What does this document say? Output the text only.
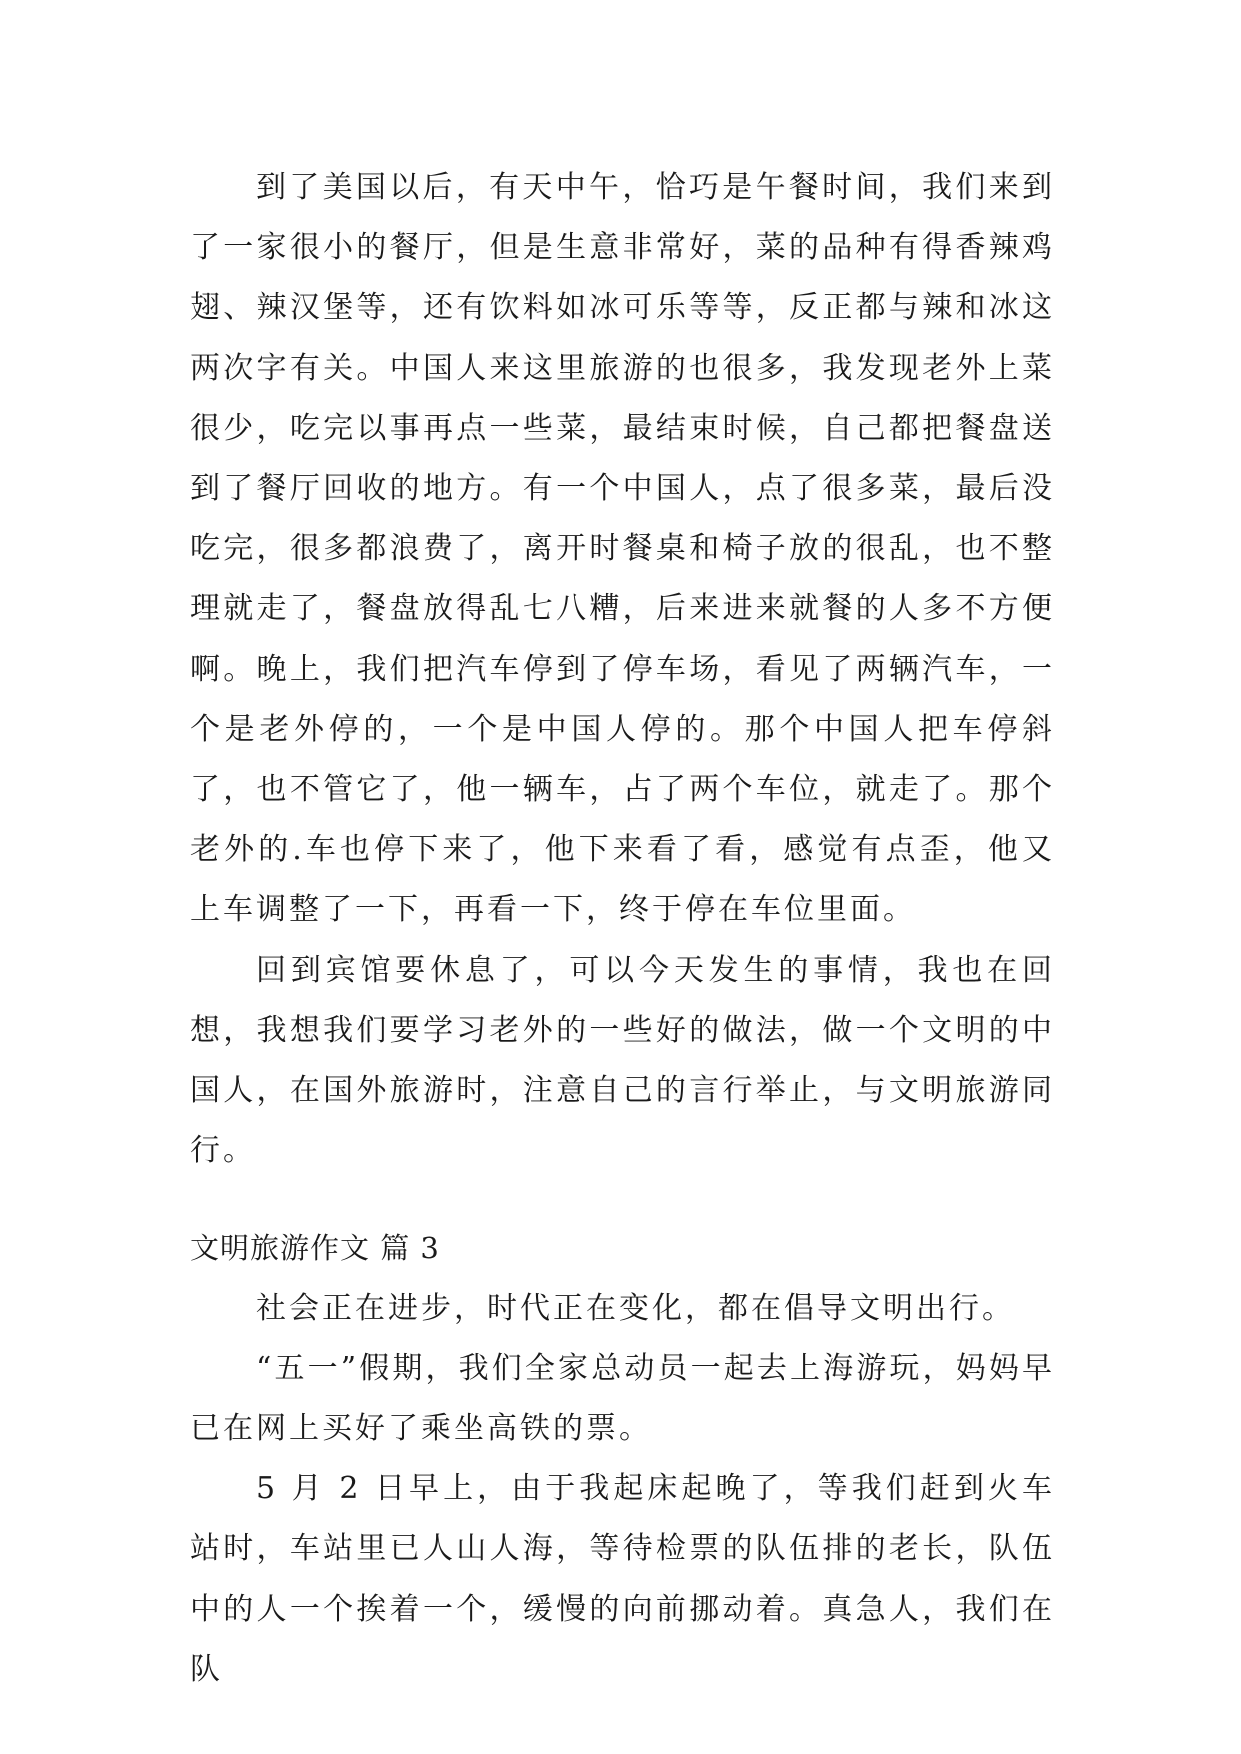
到了美国以后，有天中午，恰巧是午餐时间，我们来到了一家很小的餐厅，但是生意非常好，菜的品种有得香辣鸡翅、辣汉堡等，还有饮料如冰可乐等等，反正都与辣和冰这两次字有关。中国人来这里旅游的也很多，我发现老外上菜很少，吃完以事再点一些菜，最结束时候，自己都把餐盘送到了餐厅回收的地方。有一个中国人，点了很多菜，最后没吃完，很多都浪费了，离开时餐桌和椅子放的很乱，也不整理就走了，餐盘放得乱七八糟，后来进来就餐的人多不方便啊。晚上，我们把汽车停到了停车场，看见了两辆汽车，一个是老外停的，一个是中国人停的。那个中国人把车停斜了，也不管它了，他一辆车，占了两个车位，就走了。那个老外的.车也停下来了，他下来看了看，感觉有点歪，他又上车调整了一下，再看一下，终于停在车位里面。

回到宾馆要休息了，可以今天发生的事情，我也在回想，我想我们要学习老外的一些好的做法，做一个文明的中国人，在国外旅游时，注意自己的言行举止，与文明旅游同行。

文明旅游作文 篇 3

社会正在进步，时代正在变化，都在倡导文明出行。

“五一”假期，我们全家总动员一起去上海游玩，妈妈早已在网上买好了乘坐高铁的票。

5 月 2 日早上，由于我起床起晚了，等我们赶到火车站时，车站里已人山人海，等待检票的队伍排的老长，队伍中的人一个挨着一个，缓慢的向前挪动着。真急人，我们在队
